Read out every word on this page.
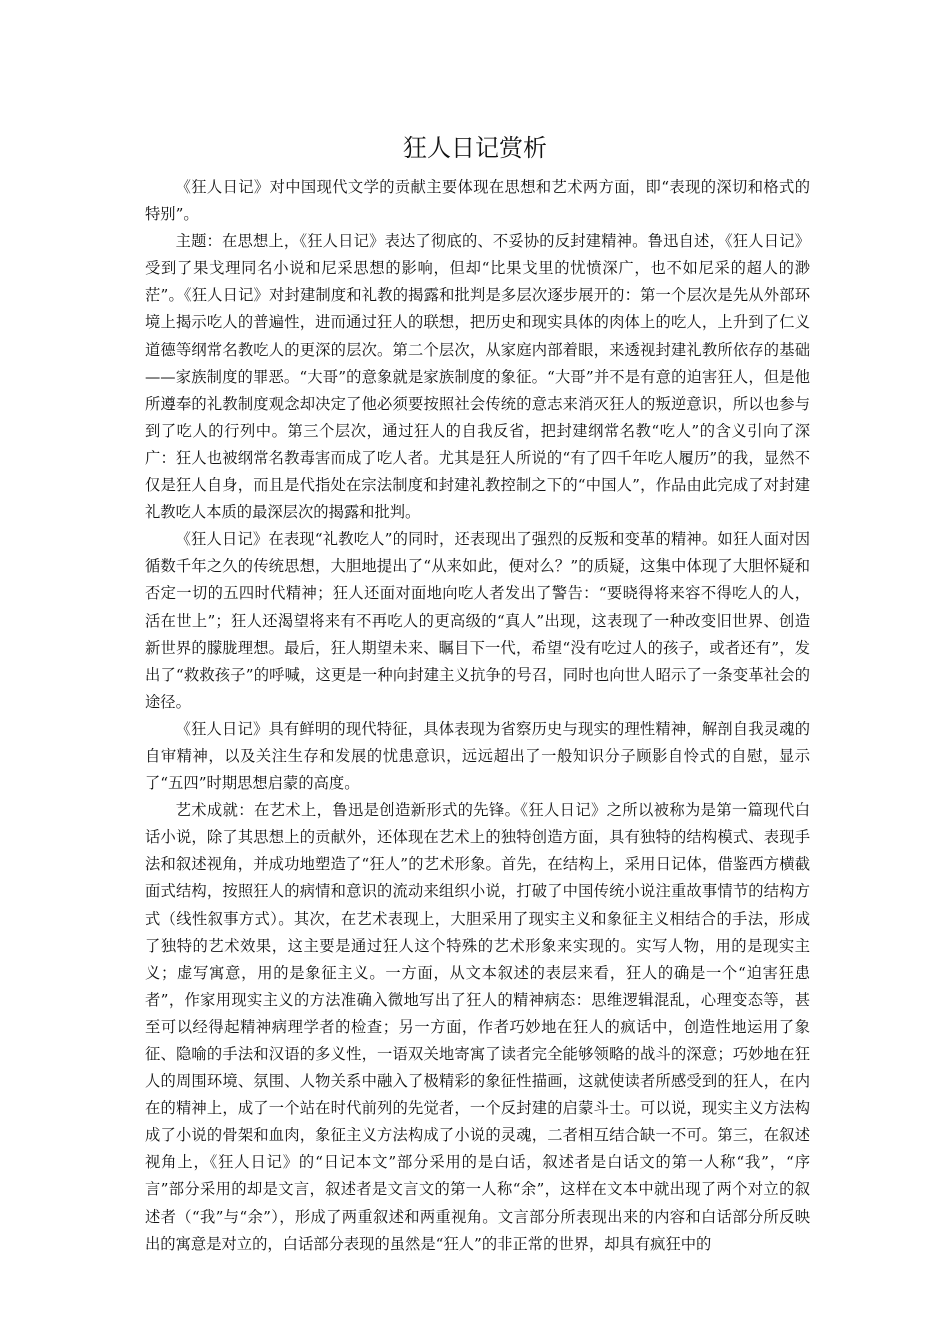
狂人日记赏析

《狂人日记》对中国现代文学的贡献主要体现在思想和艺术两方面，即“表现的深切和格式的特别”。

主题：在思想上，《狂人日记》表达了彻底的、不妥协的反封建精神。鲁迅自述，《狂人日记》受到了果戈理同名小说和尼采思想的影响，但却“比果戈里的忧愤深广，也不如尼采的超人的渺茫”。《狂人日记》对封建制度和礼教的揭露和批判是多层次逐步展开的：第一个层次是先从外部环境上揭示吃人的普遍性，进而通过狂人的联想，把历史和现实具体的肉体上的吃人，上升到了仁义道德等纲常名教吃人的更深的层次。第二个层次，从家庭内部着眼，来透视封建礼教所依存的基础——家族制度的罪恶。“大哥”的意象就是家族制度的象征。“大哥”并不是有意的迫害狂人，但是他所遵奉的礼教制度观念却决定了他必须要按照社会传统的意志来消灭狂人的叛逆意识，所以也参与到了吃人的行列中。第三个层次，通过狂人的自我反省，把封建纲常名教“吃人”的含义引向了深广：狂人也被纲常名教毒害而成了吃人者。尤其是狂人所说的“有了四千年吃人履历”的我，显然不仅是狂人自身，而且是代指处在宗法制度和封建礼教控制之下的“中国人”，作品由此完成了对封建礼教吃人本质的最深层次的揭露和批判。

《狂人日记》在表现“礼教吃人”的同时，还表现出了强烈的反叛和变革的精神。如狂人面对因循数千年之久的传统思想，大胆地提出了“从来如此，便对么？”的质疑，这集中体现了大胆怀疑和否定一切的五四时代精神；狂人还面对面地向吃人者发出了警告：“要晓得将来容不得吃人的人，活在世上”；狂人还渴望将来有不再吃人的更高级的“真人”出现，这表现了一种改变旧世界、创造新世界的朦胧理想。最后，狂人期望未来、瞩目下一代，希望“没有吃过人的孩子，或者还有”，发出了“救救孩子”的呼喊，这更是一种向封建主义抗争的号召，同时也向世人昭示了一条变革社会的途径。

《狂人日记》具有鲜明的现代特征，具体表现为省察历史与现实的理性精神，解剖自我灵魂的自审精神，以及关注生存和发展的忧患意识，远远超出了一般知识分子顾影自怜式的自慰，显示了“五四”时期思想启蒙的高度。

艺术成就：在艺术上，鲁迅是创造新形式的先锋。《狂人日记》之所以被称为是第一篇现代白话小说，除了其思想上的贡献外，还体现在艺术上的独特创造方面，具有独特的结构模式、表现手法和叙述视角，并成功地塑造了“狂人”的艺术形象。首先，在结构上，采用日记体，借鉴西方横截面式结构，按照狂人的病情和意识的流动来组织小说，打破了中国传统小说注重故事情节的结构方式（线性叙事方式）。其次，在艺术表现上，大胆采用了现实主义和象征主义相结合的手法，形成了独特的艺术效果，这主要是通过狂人这个特殊的艺术形象来实现的。实写人物，用的是现实主义；虚写寓意，用的是象征主义。一方面，从文本叙述的表层来看，狂人的确是一个“迫害狂患者”，作家用现实主义的方法准确入微地写出了狂人的精神病态：思维逻辑混乱，心理变态等，甚至可以经得起精神病理学者的检查；另一方面，作者巧妙地在狂人的疯话中，创造性地运用了象征、隐喻的手法和汉语的多义性，一语双关地寄寓了读者完全能够领略的战斗的深意；巧妙地在狂人的周围环境、氛围、人物关系中融入了极精彩的象征性描画，这就使读者所感受到的狂人，在内在的精神上，成了一个站在时代前列的先觉者，一个反封建的启蒙斗士。可以说，现实主义方法构成了小说的骨架和血肉，象征主义方法构成了小说的灵魂，二者相互结合缺一不可。第三，在叙述视角上，《狂人日记》的“日记本文”部分采用的是白话，叙述者是白话文的第一人称“我”，“序言”部分采用的却是文言，叙述者是文言文的第一人称“余”，这样在文本中就出现了两个对立的叙述者（“我”与“余”），形成了两重叙述和两重视角。文言部分所表现出来的内容和白话部分所反映出的寓意是对立的，白话部分表现的虽然是“狂人”的非正常的世界，却具有疯狂中的
